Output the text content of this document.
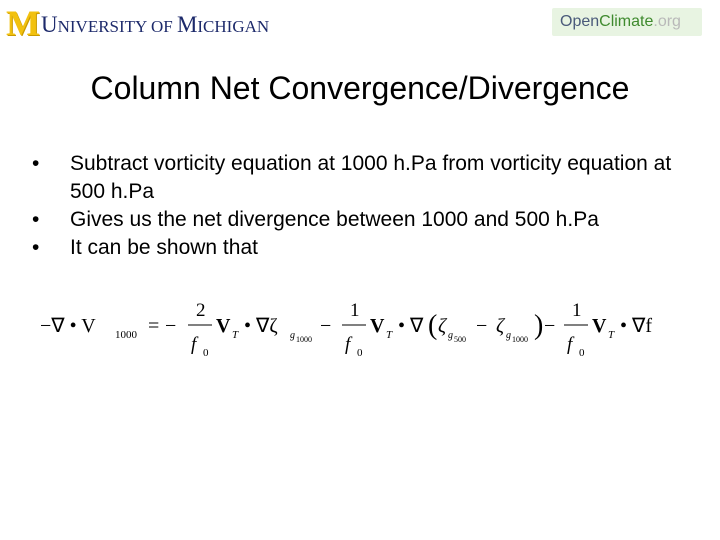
M UNIVERSITY OF MICHIGAN	OpenClimate.org
Column Net Convergence/Divergence
• Subtract vorticity equation at 1000 h.Pa from vorticity equation at 500 h.Pa
• Gives us the net divergence between 1000 and 500 h.Pa
• It can be shown that
−∇ • V 1000 = −
2
f 0
V T • ∇ζ g 1000
−
1
f 0
V T • ∇ ( ζ g 500
− ζ g 1000 ) −
1
f 0
V T • ∇f
